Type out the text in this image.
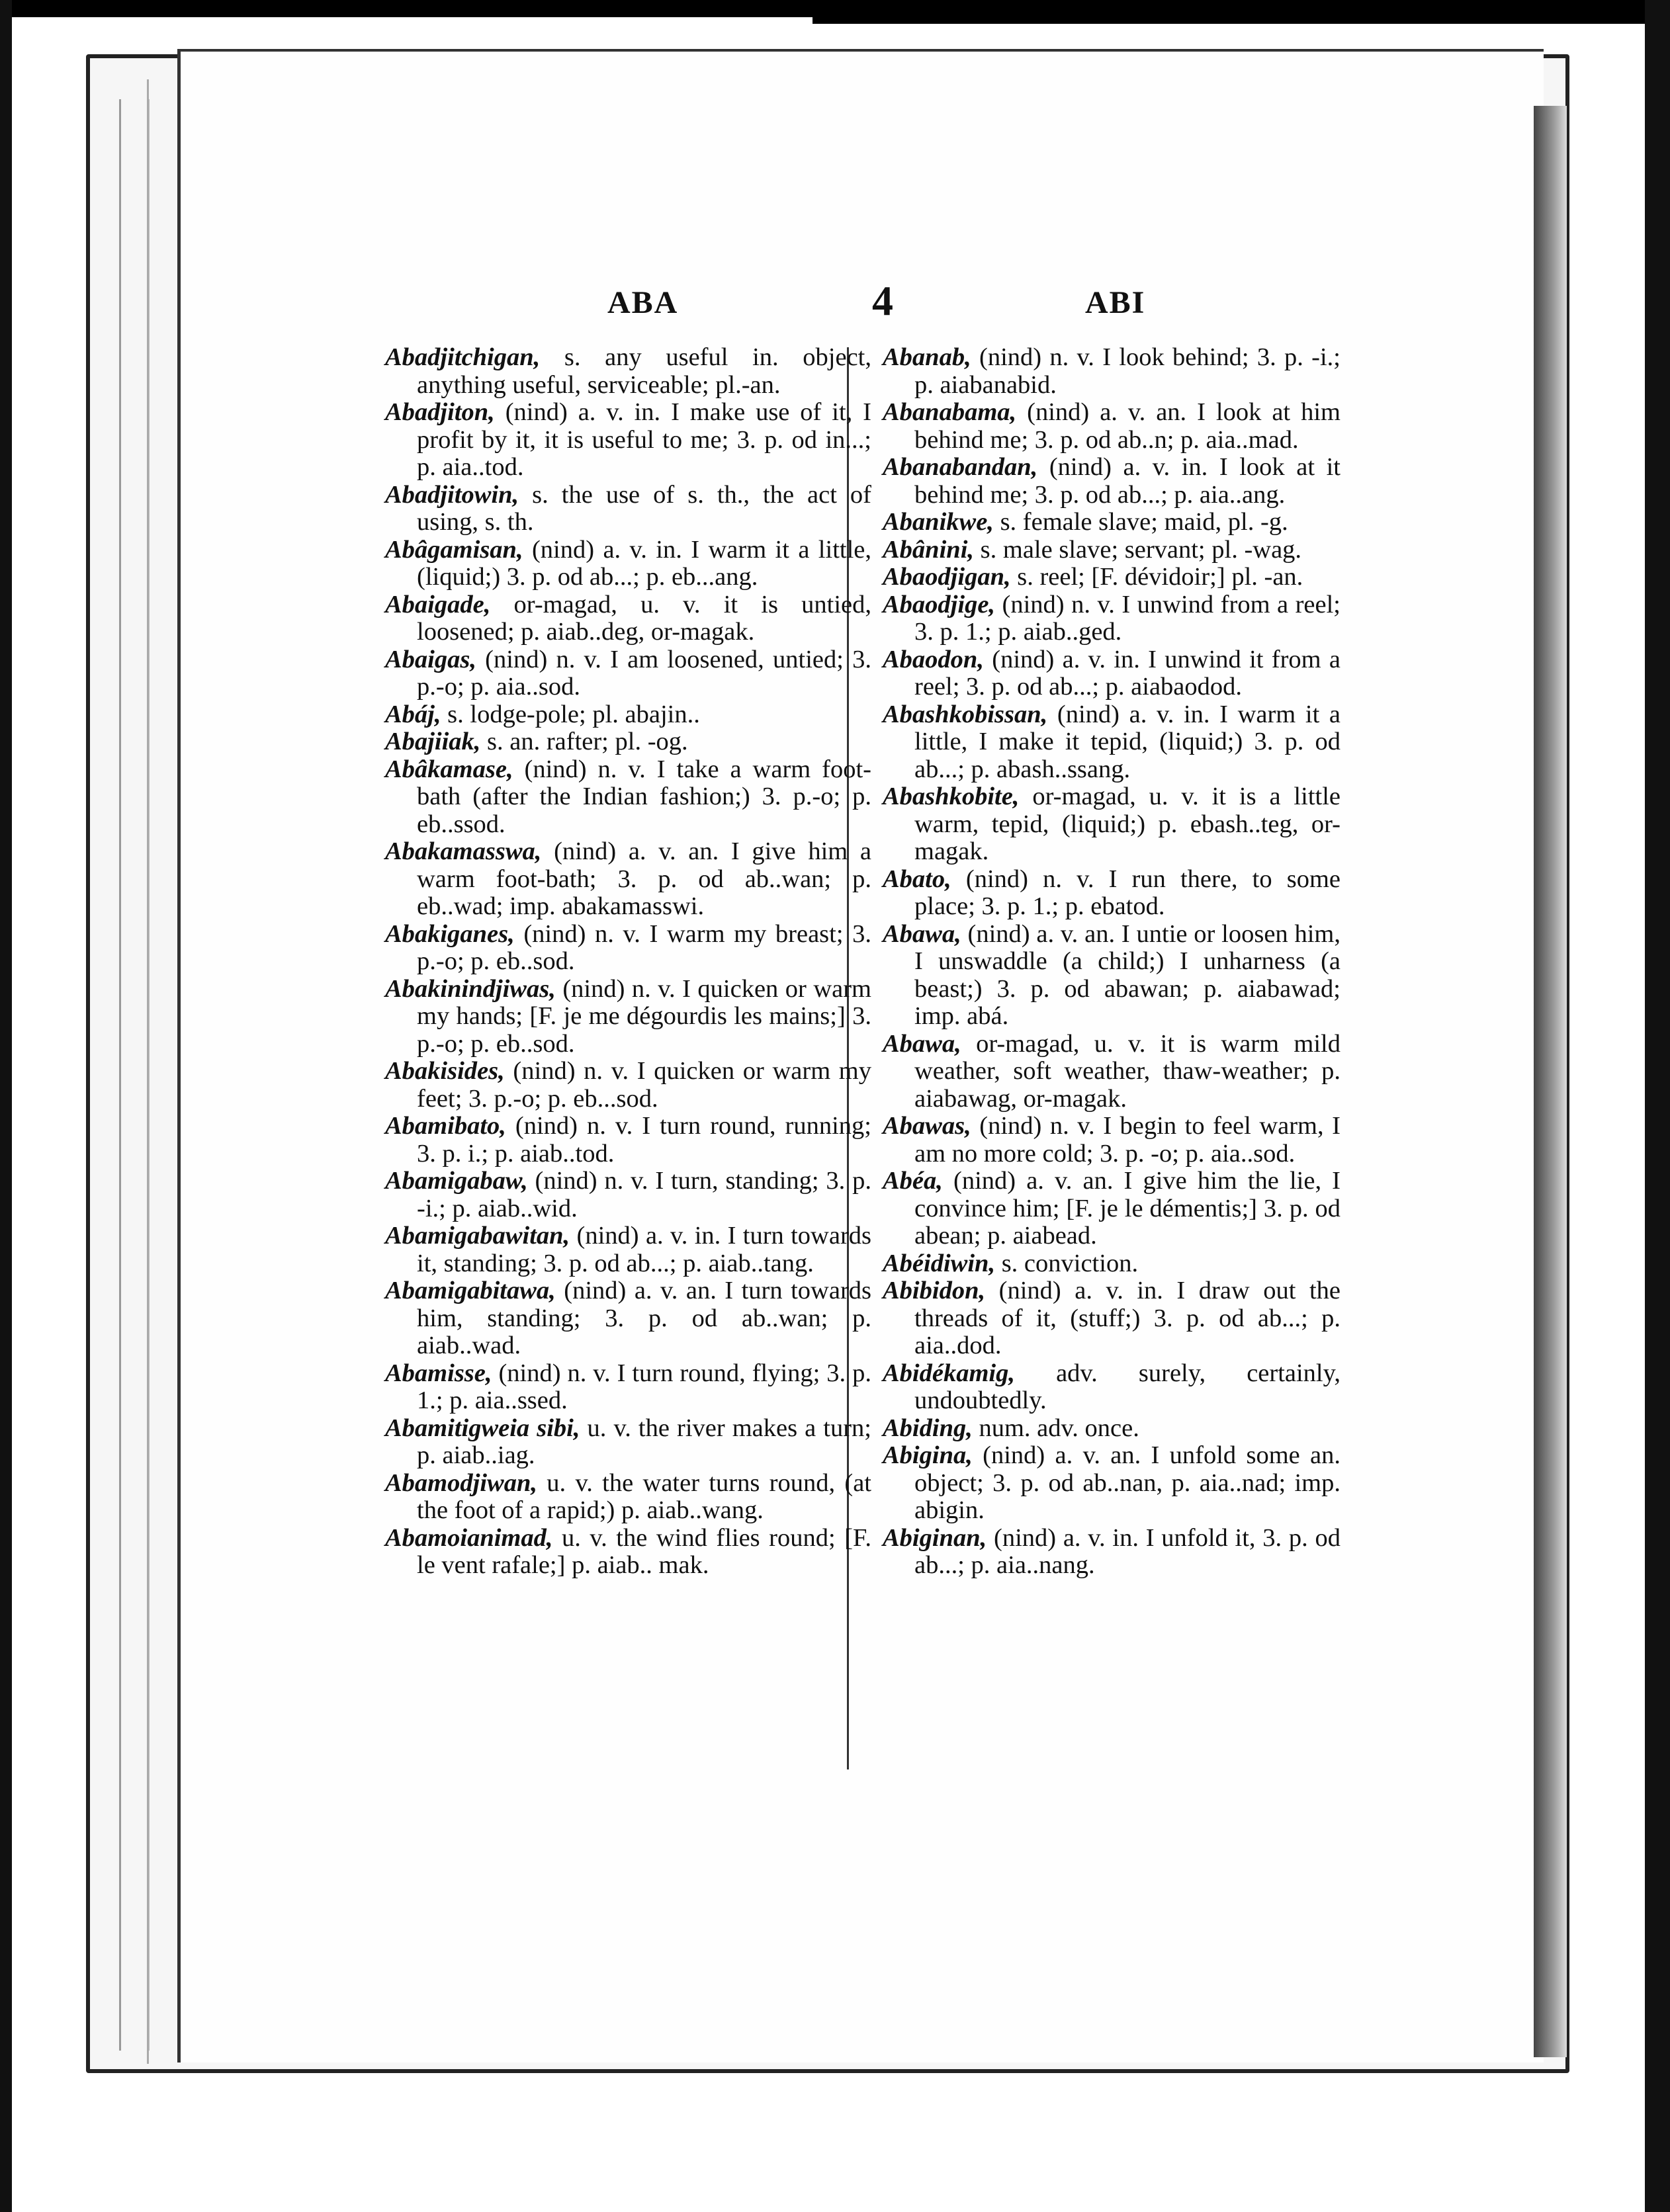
ABA	4	ABI

Abadjitchigan, s. any useful in. object, anything useful, serviceable; pl.-an.

Abadjiton, (nind) a. v. in. I make use of it, I profit by it, it is useful to me; 3. p. od in...; p. aia..tod.

Abadjitowin, s. the use of s. th., the act of using, s. th.

Abâgamisan, (nind) a. v. in. I warm it a little, (liquid;) 3. p. od ab...; p. eb...ang.

Abaigade, or-magad, u. v. it is untied, loosened; p. aiab..deg, or-magak.

Abaigas, (nind) n. v. I am loosened, untied; 3. p.-o; p. aia..sod.

Abáj, s. lodge-pole; pl. abajin..

Abajiiak, s. an. rafter; pl. -og.

Abâkamase, (nind) n. v. I take a warm foot-bath (after the Indian fashion;) 3. p.-o; p. eb..ssod.

Abakamasswa, (nind) a. v. an. I give him a warm foot-bath; 3. p. od ab..wan; p. eb..wad; imp. abakamasswi.

Abakiganes, (nind) n. v. I warm my breast; 3. p.-o; p. eb..sod.

Abakinindjiwas, (nind) n. v. I quicken or warm my hands; [F. je me dégourdis les mains;] 3. p.-o; p. eb..sod.

Abakisides, (nind) n. v. I quicken or warm my feet; 3. p.-o; p. eb...sod.

Abamibato, (nind) n. v. I turn round, running; 3. p. i.; p. aiab..tod.

Abamigabaw, (nind) n. v. I turn, standing; 3. p. -i.; p. aiab..wid.

Abamigabawitan, (nind) a. v. in. I turn towards it, standing; 3. p. od ab...; p. aiab..tang.

Abamigabitawa, (nind) a. v. an. I turn towards him, standing; 3. p. od ab..wan; p. aiab..wad.

Abamisse, (nind) n. v. I turn round, flying; 3. p. 1.; p. aia..ssed.

Abamitigweia sibi, u. v. the river makes a turn; p. aiab..iag.

Abamodjiwan, u. v. the water turns round, (at the foot of a rapid;) p. aiab..wang.

Abamoianimad, u. v. the wind flies round; [F. le vent rafale;] p. aiab.. mak.

Abanab, (nind) n. v. I look behind; 3. p. -i.; p. aiabanabid.

Abanabama, (nind) a. v. an. I look at him behind me; 3. p. od ab..n; p. aia..mad.

Abanabandan, (nind) a. v. in. I look at it behind me; 3. p. od ab...; p. aia..ang.

Abanikwe, s. female slave; maid, pl. -g.

Abânini, s. male slave; servant; pl. -wag.

Abaodjigan, s. reel; [F. dévidoir;] pl. -an.

Abaodjige, (nind) n. v. I unwind from a reel; 3. p. 1.; p. aiab..ged.

Abaodon, (nind) a. v. in. I unwind it from a reel; 3. p. od ab...; p. aiabaodod.

Abashkobissan, (nind) a. v. in. I warm it a little, I make it tepid, (liquid;) 3. p. od ab...; p. abash..ssang.

Abashkobite, or-magad, u. v. it is a little warm, tepid, (liquid;) p. ebash..teg, or-magak.

Abato, (nind) n. v. I run there, to some place; 3. p. 1.; p. ebatod.

Abawa, (nind) a. v. an. I untie or loosen him, I unswaddle (a child;) I unharness (a beast;) 3. p. od abawan; p. aiabawad; imp. abá.

Abawa, or-magad, u. v. it is warm mild weather, soft weather, thaw-weather; p. aiabawag, or-magak.

Abawas, (nind) n. v. I begin to feel warm, I am no more cold; 3. p. -o; p. aia..sod.

Abéa, (nind) a. v. an. I give him the lie, I convince him; [F. je le démentis;] 3. p. od abean; p. aiabead.

Abéidiwin, s. conviction.

Abibidon, (nind) a. v. in. I draw out the threads of it, (stuff;) 3. p. od ab...; p. aia..dod.

Abidékamig, adv. surely, certainly, undoubtedly.

Abiding, num. adv. once.

Abigina, (nind) a. v. an. I unfold some an. object; 3. p. od ab..nan, p. aia..nad; imp. abigin.

Abiginan, (nind) a. v. in. I unfold it, 3. p. od ab...; p. aia..nang.
